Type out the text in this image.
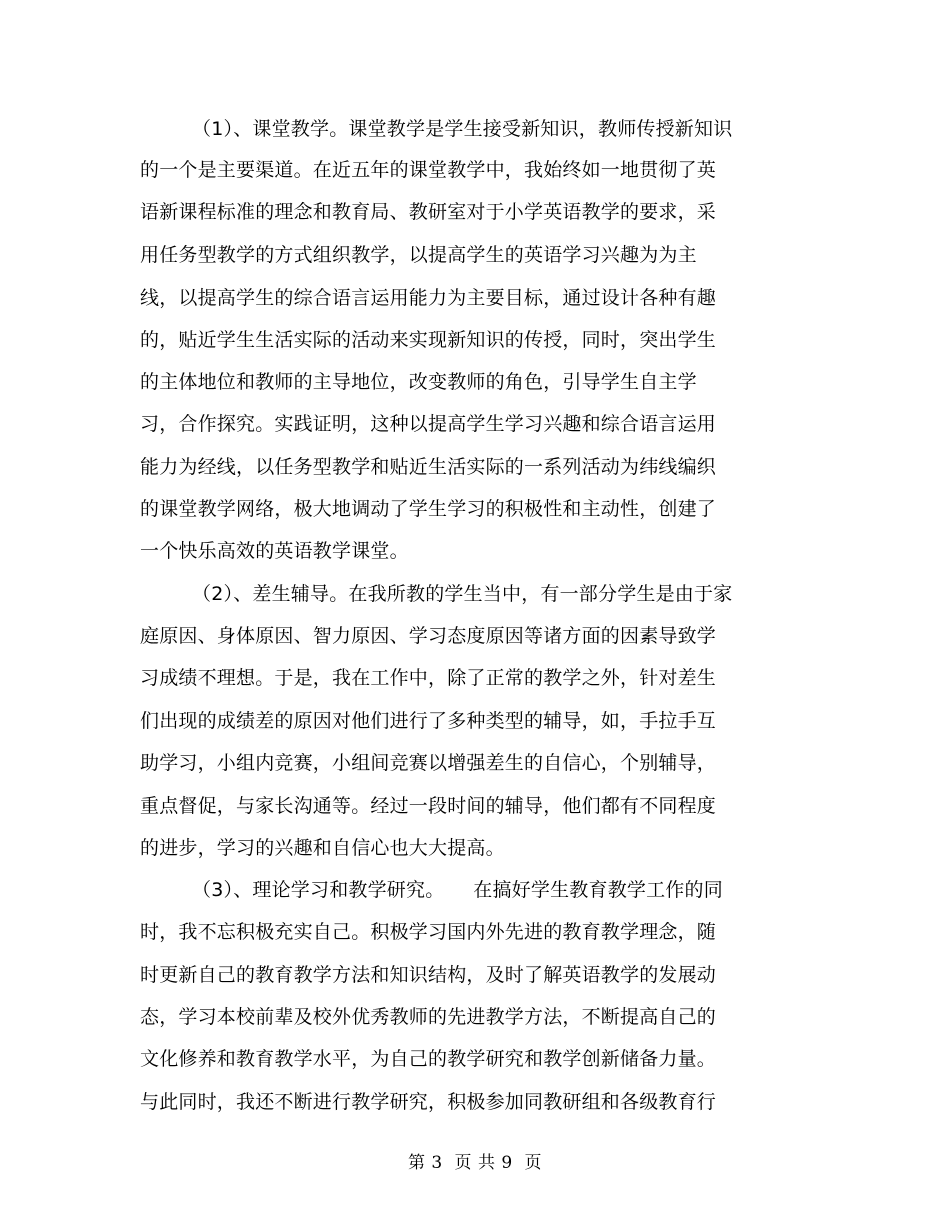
（1）、课堂教学。课堂教学是学生接受新知识，教师传授新知识
的一个是主要渠道。在近五年的课堂教学中，我始终如一地贯彻了英
语新课程标准的理念和教育局、教研室对于小学英语教学的要求，采
用任务型教学的方式组织教学，以提高学生的英语学习兴趣为为主
线，以提高学生的综合语言运用能力为主要目标，通过设计各种有趣
的，贴近学生生活实际的活动来实现新知识的传授，同时，突出学生
的主体地位和教师的主导地位，改变教师的角色，引导学生自主学
习，合作探究。实践证明，这种以提高学生学习兴趣和综合语言运用
能力为经线，以任务型教学和贴近生活实际的一系列活动为纬线编织
的课堂教学网络，极大地调动了学生学习的积极性和主动性，创建了
一个快乐高效的英语教学课堂。
（2）、差生辅导。在我所教的学生当中，有一部分学生是由于家
庭原因、身体原因、智力原因、学习态度原因等诸方面的因素导致学
习成绩不理想。于是，我在工作中，除了正常的教学之外，针对差生
们出现的成绩差的原因对他们进行了多种类型的辅导，如，手拉手互
助学习，小组内竞赛，小组间竞赛以增强差生的自信心，个别辅导，
重点督促，与家长沟通等。经过一段时间的辅导，他们都有不同程度
的进步，学习的兴趣和自信心也大大提高。
（3）、理论学习和教学研究。　　在搞好学生教育教学工作的同
时，我不忘积极充实自己。积极学习国内外先进的教育教学理念，随
时更新自己的教育教学方法和知识结构，及时了解英语教学的发展动
态，学习本校前辈及校外优秀教师的先进教学方法，不断提高自己的
文化修养和教育教学水平，为自己的教学研究和教学创新储备力量。
与此同时，我还不断进行教学研究，积极参加同教研组和各级教育行
第 3  页 共 9  页
